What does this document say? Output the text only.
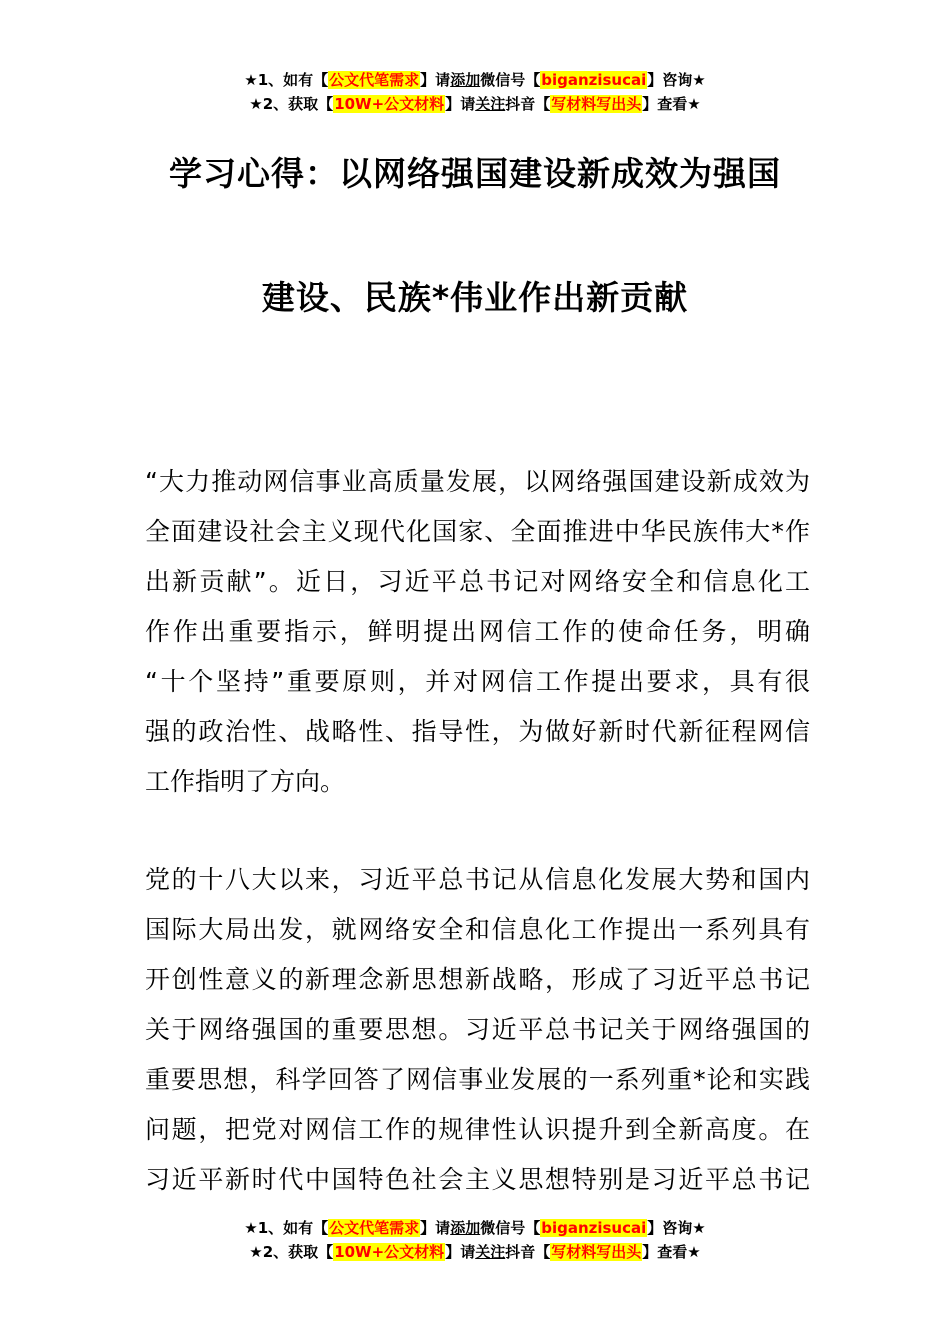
★1、如有【公文代笔需求】请添加微信号【biganzisucai】咨询★
★2、获取【10W+公文材料】请关注抖音【写材料写出头】查看★
学习心得：以网络强国建设新成效为强国
建设、民族*伟业作出新贡献
“大力推动网信事业高质量发展，以网络强国建设新成效为
全面建设社会主义现代化国家、全面推进中华民族伟大*作
出新贡献”。近日，习近平总书记对网络安全和信息化工
作作出重要指示，鲜明提出网信工作的使命任务，明确
“十个坚持”重要原则，并对网信工作提出要求，具有很
强的政治性、战略性、指导性，为做好新时代新征程网信
工作指明了方向。
党的十八大以来，习近平总书记从信息化发展大势和国内
国际大局出发，就网络安全和信息化工作提出一系列具有
开创性意义的新理念新思想新战略，形成了习近平总书记
关于网络强国的重要思想。习近平总书记关于网络强国的
重要思想，科学回答了网信事业发展的一系列重*论和实践
问题，把党对网信工作的规律性认识提升到全新高度。在
习近平新时代中国特色社会主义思想特别是习近平总书记
★1、如有【公文代笔需求】请添加微信号【biganzisucai】咨询★
★2、获取【10W+公文材料】请关注抖音【写材料写出头】查看★
